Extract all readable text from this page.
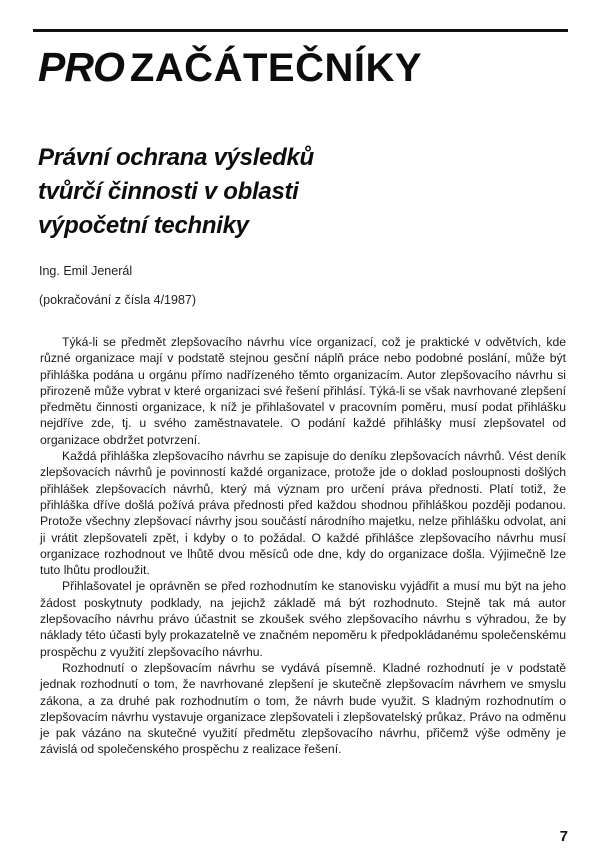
PRO ZAČÁTEČNÍKY
Právní ochrana výsledků
tvůrčí činnosti v oblasti
výpočetní techniky

Ing. Emil Jenerál

(pokračování z čísla 4/1987)

Týká-li se předmět zlepšovacího návrhu více organizací, což je praktické v odvětvích, kde různé organizace mají v podstatě stejnou gesční náplň práce nebo podobné poslání, může být přihláška podána u orgánu přímo nadřízeného těmto organizacím. Autor zlepšovacího návrhu si přirozeně může vybrat v které organizaci své řešení přihlásí. Týká-li se však navrhované zlepšení předmětu činnosti organizace, k níž je přihlašovatel v pracovním poměru, musí podat přihlášku nejdříve zde, tj. u svého zaměstnavatele. O podání každé přihlášky musí zlepšovatel od organizace obdržet potvrzení.

Každá přihláška zlepšovacího návrhu se zapisuje do deníku zlepšovacích návrhů. Vést deník zlepšovacích návrhů je povinností každé organizace, protože jde o doklad posloupnosti došlých přihlášek zlepšovacích návrhů, který má význam pro určení práva přednosti. Platí totiž, že přihláška dříve došlá požívá práva přednosti před každou shodnou přihláškou později podanou. Protože všechny zlepšovací návrhy jsou součástí národního majetku, nelze přihlášku odvolat, ani ji vrátit zlepšovateli zpět, i kdyby o to požádal. O každé přihlášce zlepšovacího návrhu musí organizace rozhodnout ve lhůtě dvou měsíců ode dne, kdy do organizace došla. Výjimečně lze tuto lhůtu prodloužit.

Přihlašovatel je oprávněn se před rozhodnutím ke stanovisku vyjádřit a musí mu být na jeho žádost poskytnuty podklady, na jejichž základě má být rozhodnuto. Stejně tak má autor zlepšovacího návrhu právo účastnit se zkoušek svého zlepšovacího návrhu s výhradou, že by náklady této účasti byly prokazatelně ve značném nepoměru k předpokládanému společenskému prospěchu z využití zlepšovacího návrhu.

Rozhodnutí o zlepšovacím návrhu se vydává písemně. Kladné rozhodnutí je v podstatě jednak rozhodnutí o tom, že navrhované zlepšení je skutečně zlepšovacím návrhem ve smyslu zákona, a za druhé pak rozhodnutím o tom, že návrh bude využit. S kladným rozhodnutím o zlepšovacím návrhu vystavuje organizace zlepšovateli i zlepšovatelský průkaz. Právo na odměnu je pak vázáno na skutečné využití předmětu zlepšovacího návrhu, přičemž výše odměny je závislá od společenského prospěchu z realizace řešení.

7
